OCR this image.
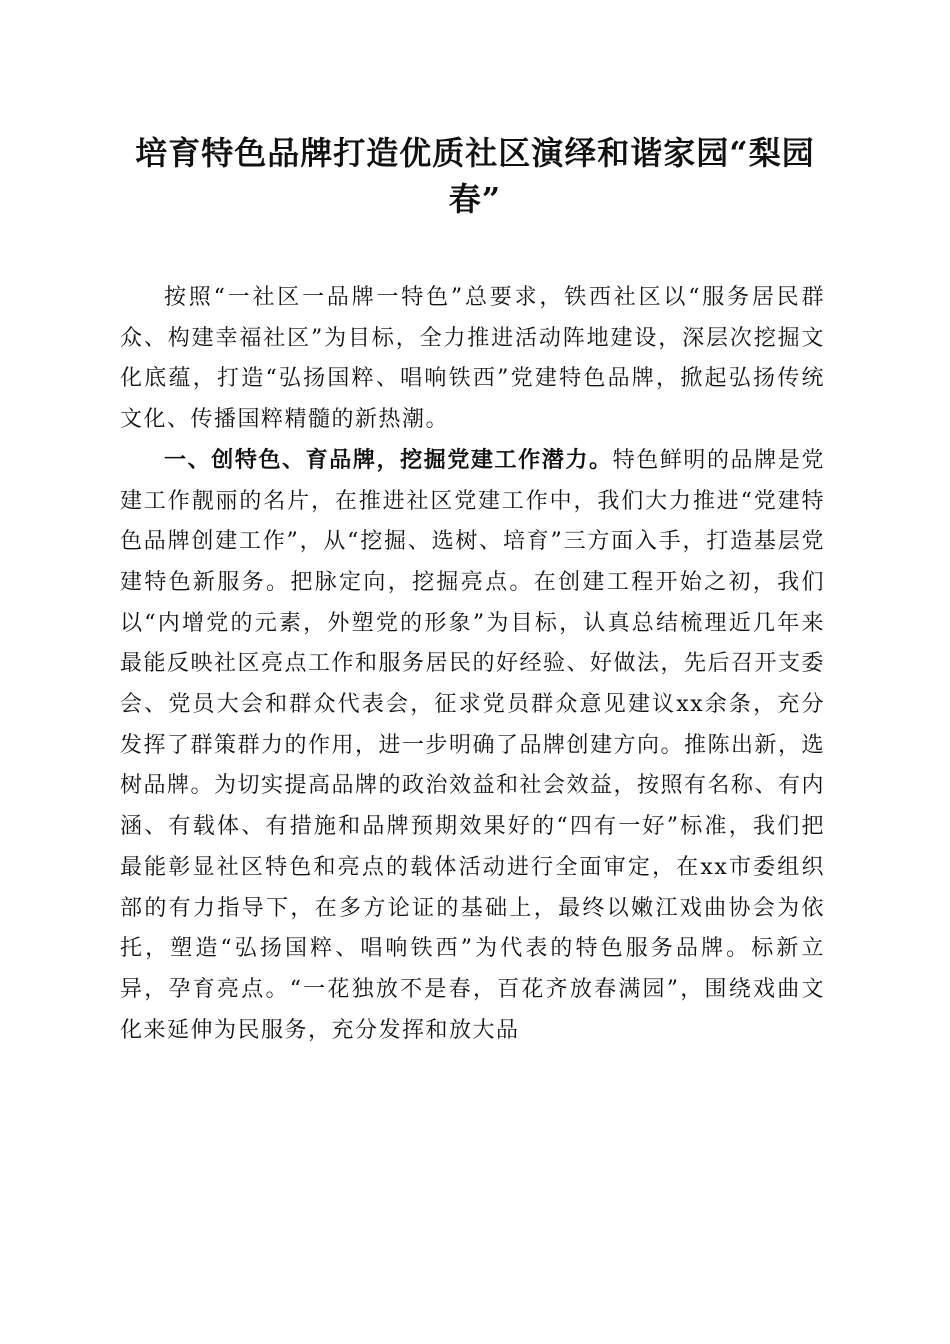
培育特色品牌打造优质社区演绎和谐家园“梨园春”

按照“一社区一品牌一特色”总要求，铁西社区以“服务居民群众、构建幸福社区”为目标，全力推进活动阵地建设，深层次挖掘文化底蕴，打造“弘扬国粹、唱响铁西”党建特色品牌，掀起弘扬传统文化、传播国粹精髓的新热潮。

一、创特色、育品牌，挖掘党建工作潜力。特色鲜明的品牌是党建工作靓丽的名片，在推进社区党建工作中，我们大力推进“党建特色品牌创建工作”，从“挖掘、选树、培育”三方面入手，打造基层党建特色新服务。把脉定向，挖掘亮点。在创建工程开始之初，我们以“内增党的元素，外塑党的形象”为目标，认真总结梳理近几年来最能反映社区亮点工作和服务居民的好经验、好做法，先后召开支委会、党员大会和群众代表会，征求党员群众意见建议xx余条，充分发挥了群策群力的作用，进一步明确了品牌创建方向。推陈出新，选树品牌。为切实提高品牌的政治效益和社会效益，按照有名称、有内涵、有载体、有措施和品牌预期效果好的“四有一好”标准，我们把最能彰显社区特色和亮点的载体活动进行全面审定，在xx市委组织部的有力指导下，在多方论证的基础上，最终以嫩江戏曲协会为依托，塑造“弘扬国粹、唱响铁西”为代表的特色服务品牌。标新立异，孕育亮点。“一花独放不是春，百花齐放春满园”，围绕戏曲文化来延伸为民服务，充分发挥和放大品
